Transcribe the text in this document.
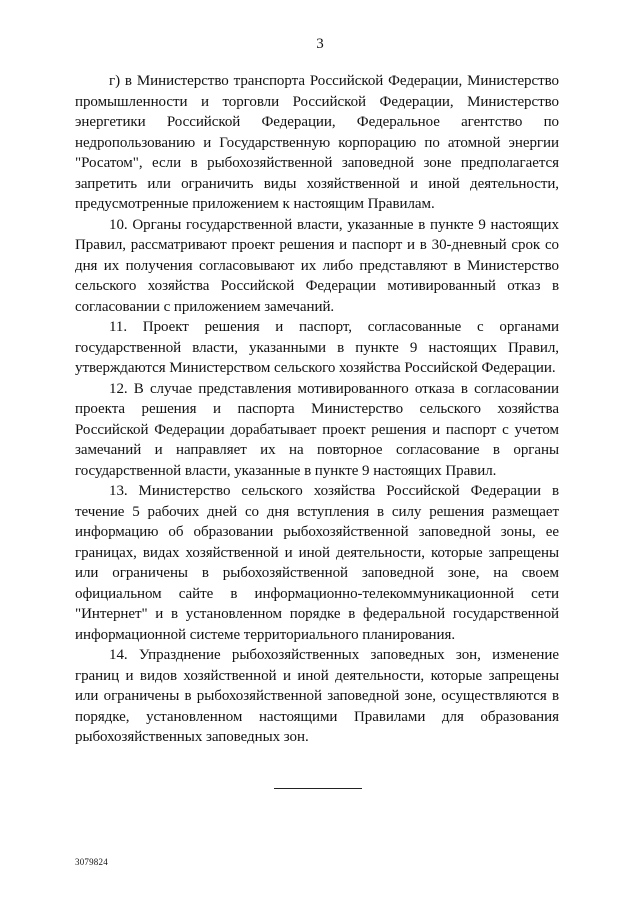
3

г) в Министерство транспорта Российской Федерации, Министерство промышленности и торговли Российской Федерации, Министерство энергетики Российской Федерации, Федеральное агентство по недропользованию и Государственную корпорацию по атомной энергии "Росатом", если в рыбохозяйственной заповедной зоне предполагается запретить или ограничить виды хозяйственной и иной деятельности, предусмотренные приложением к настоящим Правилам.

10. Органы государственной власти, указанные в пункте 9 настоящих Правил, рассматривают проект решения и паспорт и в 30-дневный срок со дня их получения согласовывают их либо представляют в Министерство сельского хозяйства Российской Федерации мотивированный отказ в согласовании с приложением замечаний.

11. Проект решения и паспорт, согласованные с органами государственной власти, указанными в пункте 9 настоящих Правил, утверждаются Министерством сельского хозяйства Российской Федерации.

12. В случае представления мотивированного отказа в согласовании проекта решения и паспорта Министерство сельского хозяйства Российской Федерации дорабатывает проект решения и паспорт с учетом замечаний и направляет их на повторное согласование в органы государственной власти, указанные в пункте 9 настоящих Правил.

13. Министерство сельского хозяйства Российской Федерации в течение 5 рабочих дней со дня вступления в силу решения размещает информацию об образовании рыбохозяйственной заповедной зоны, ее границах, видах хозяйственной и иной деятельности, которые запрещены или ограничены в рыбохозяйственной заповедной зоне, на своем официальном сайте в информационно-телекоммуникационной сети "Интернет" и в установленном порядке в федеральной государственной информационной системе территориального планирования.

14. Упразднение рыбохозяйственных заповедных зон, изменение границ и видов хозяйственной и иной деятельности, которые запрещены или ограничены в рыбохозяйственной заповедной зоне, осуществляются в порядке, установленном настоящими Правилами для образования рыбохозяйственных заповедных зон.

3079824
